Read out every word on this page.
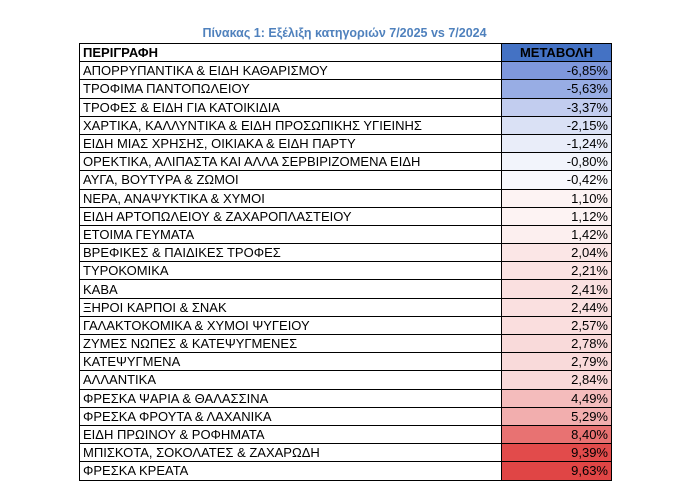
Πίνακας 1: Εξέλιξη κατηγοριών 7/2025 vs 7/2024
ΠΕΡΙΓΡΑΦΗ	ΜΕΤΑΒΟΛΗ
ΑΠΟΡΡΥΠΑΝΤΙΚΑ & ΕΙΔΗ ΚΑΘΑΡΙΣΜΟΥ	-6,85%
ΤΡΟΦΙΜΑ ΠΑΝΤΟΠΩΛΕΙΟΥ	-5,63%
ΤΡΟΦΕΣ & ΕΙΔΗ ΓΙΑ ΚΑΤΟΙΚΙΔΙΑ	-3,37%
ΧΑΡΤΙΚΑ, ΚΑΛΛΥΝΤΙΚΑ & ΕΙΔΗ ΠΡΟΣΩΠΙΚΗΣ ΥΓΙΕΙΝΗΣ	-2,15%
ΕΙΔΗ ΜΙΑΣ ΧΡΗΣΗΣ, ΟΙΚΙΑΚΑ & ΕΙΔΗ ΠΑΡΤΥ	-1,24%
ΟΡΕΚΤΙΚΑ, ΑΛΙΠΑΣΤΑ ΚΑΙ ΑΛΛΑ ΣΕΡΒΙΡΙΖΟΜΕΝΑ ΕΙΔΗ	-0,80%
ΑΥΓΑ, ΒΟΥΤΥΡΑ & ΖΩΜΟΙ	-0,42%
ΝΕΡΑ, ΑΝΑΨΥΚΤΙΚΑ & ΧΥΜΟΙ	1,10%
ΕΙΔΗ ΑΡΤΟΠΩΛΕΙΟΥ & ΖΑΧΑΡΟΠΛΑΣΤΕΙΟΥ	1,12%
ΕΤΟΙΜΑ ΓΕΥΜΑΤΑ	1,42%
ΒΡΕΦΙΚΕΣ & ΠΑΙΔΙΚΕΣ ΤΡΟΦΕΣ	2,04%
ΤΥΡΟΚΟΜΙΚΑ	2,21%
ΚΑΒΑ	2,41%
ΞΗΡΟΙ ΚΑΡΠΟΙ & ΣΝΑΚ	2,44%
ΓΑΛΑΚΤΟΚΟΜΙΚΑ & ΧΥΜΟΙ ΨΥΓΕΙΟΥ	2,57%
ΖΥΜΕΣ ΝΩΠΕΣ & ΚΑΤΕΨΥΓΜΕΝΕΣ	2,78%
ΚΑΤΕΨΥΓΜΕΝΑ	2,79%
ΑΛΛΑΝΤΙΚΑ	2,84%
ΦΡΕΣΚΑ ΨΑΡΙΑ & ΘΑΛΑΣΣΙΝΑ	4,49%
ΦΡΕΣΚΑ ΦΡΟΥΤΑ & ΛΑΧΑΝΙΚΑ	5,29%
ΕΙΔΗ ΠΡΩΙΝΟΥ & ΡΟΦΗΜΑΤΑ	8,40%
ΜΠΙΣΚΟΤΑ, ΣΟΚΟΛΑΤΕΣ & ΖΑΧΑΡΩΔΗ	9,39%
ΦΡΕΣΚΑ ΚΡΕΑΤΑ	9,63%
